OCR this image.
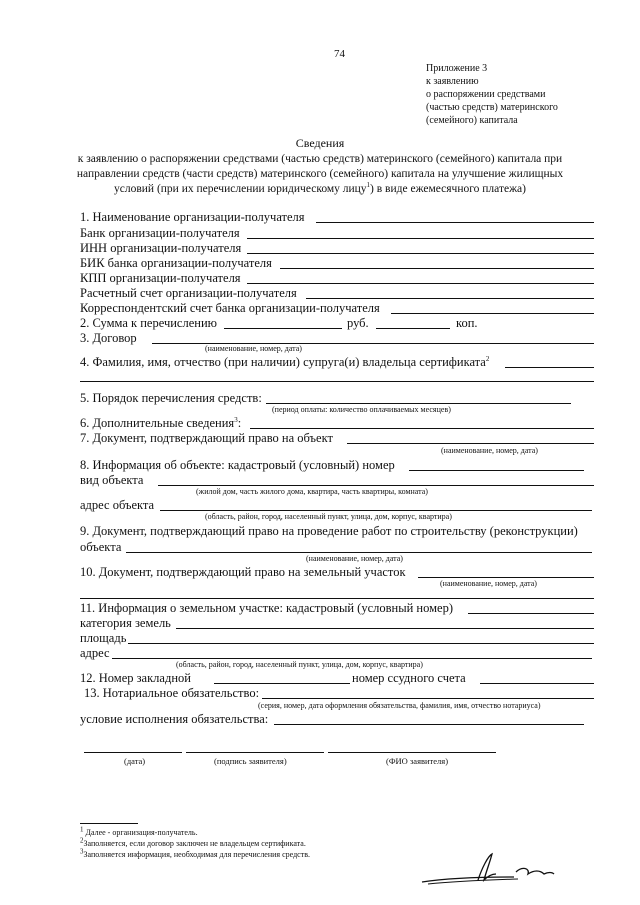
74
Приложение 3
к заявлению
о распоряжении средствами
(частью средств) материнского
(семейного) капитала
Сведения
к заявлению о распоряжении средствами (частью средств) материнского (семейного) капитала при
направлении средств (части средств) материнского (семейного) капитала на улучшение жилищных
условий (при их перечислении юридическому лицу$^1$) в виде ежемесячного платежа)
1. Наименование организации-получателя
Банк организации-получателя
ИНН организации-получателя
БИК банка организации-получателя
КПП организации-получателя
Расчетный счет организации-получателя
Корреспондентский счет банка организации-получателя
2. Сумма к перечислению	руб.	коп.
3. Договор
(наименование, номер, дата)
4. Фамилия, имя, отчество (при наличии) супруга(и) владельца сертификата$^2$
5. Порядок перечисления средств:
(период оплаты: количество оплачиваемых месяцев)
6. Дополнительные сведения$^3$:
7. Документ, подтверждающий право на объект
(наименование, номер, дата)
8. Информация об объекте: кадастровый (условный) номер
вид объекта
(жилой дом, часть жилого дома, квартира, часть квартиры, комната)
адрес объекта
(область, район, город, населенный пункт, улица, дом, корпус, квартира)
9. Документ, подтверждающий право на проведение работ по строительству (реконструкции)
объекта
(наименование, номер, дата)
10. Документ, подтверждающий право на земельный участок
(наименование, номер, дата)
11. Информация о земельном участке: кадастровый (условный номер)
категория земель
площадь
адрес
(область, район, город, населенный пункт, улица, дом, корпус, квартира)
12. Номер закладной	номер ссудного счета
13. Нотариальное обязательство:
(серия, номер, дата оформления обязательства, фамилия, имя, отчество нотариуса)
условие исполнения обязательства:
(дата)	(подпись заявителя)	(ФИО заявителя)
$^1$ Далее - организация-получатель.
$^2$Заполняется, если договор заключен не владельцем сертификата.
$^3$Заполняется информация, необходимая для перечисления средств.
